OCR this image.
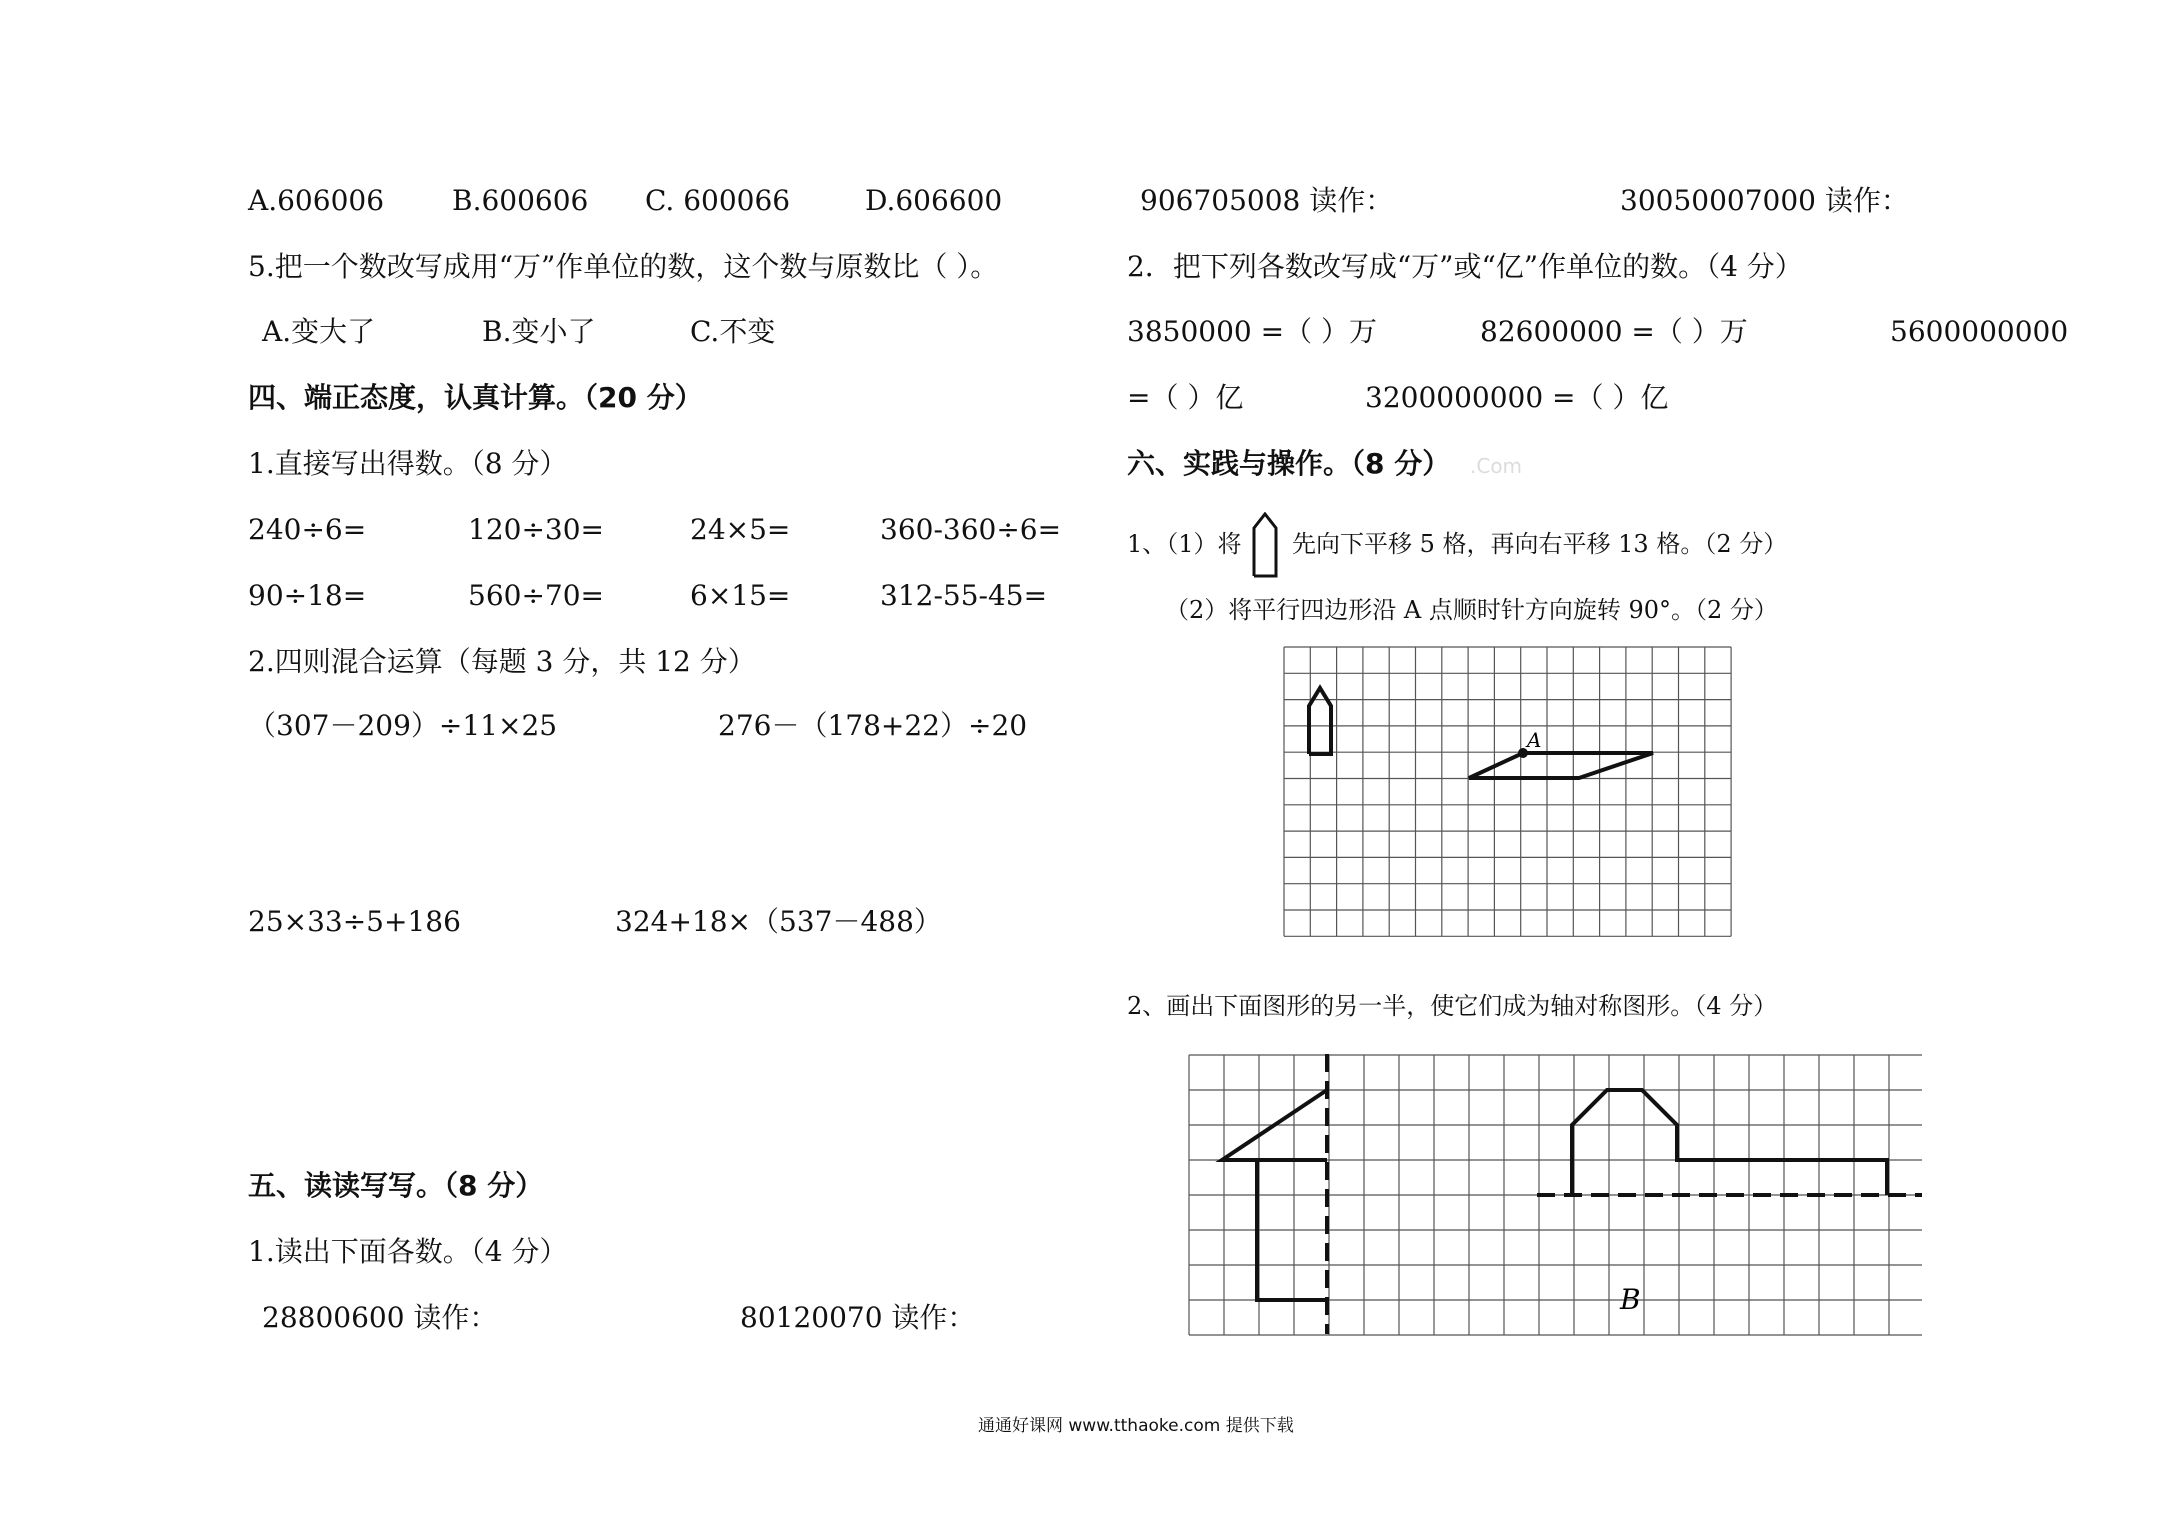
A.606006 B.600606 C. 600066	D.606600
5.把一个数改写成用“万”作单位的数，这个数与原数比（ ）。
A.变大了	B.变小了	C.不变
四、端正态度，认真计算。（20 分）
1.直接写出得数。（8 分）
240÷6=	120÷30=	24×5=	360-360÷6=
90÷18=	560÷70=	6×15=	312-55-45=
2.四则混合运算（每题 3 分，共 12 分）
（307－209）÷11×25	276－（178+22）÷20
25×33÷5+186	324+18×（537－488）
五、读读写写。（8 分）
1.读出下面各数。（4 分）
28800600 读作：	80120070 读作：
906705008 读作：	30050007000 读作：
2．把下列各数改写成“万”或“亿”作单位的数。（4 分）
3850000 =（ ）万	82600000 =（ ）万	5600000000
=（ ）亿	3200000000 =（ ）亿
六、实践与操作。（8 分） .Com
1、（1）将 先向下平移 5 格，再向右平移 13 格。（2 分）
（2）将平行四边形沿 A 点顺时针方向旋转 90°。（2 分）
A
2、画出下面图形的另一半，使它们成为轴对称图形。（4 分）
B
通通好课网 www.tthaoke.com 提供下载
